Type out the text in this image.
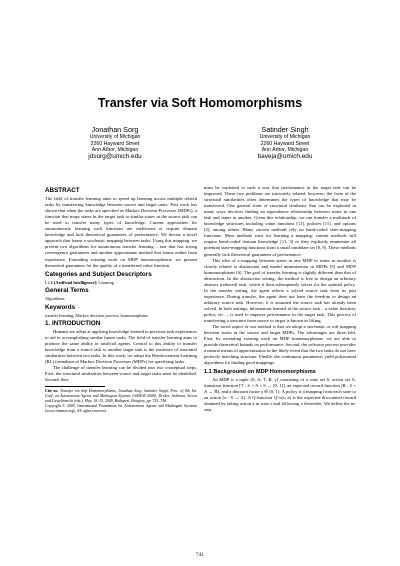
Transfer via Soft Homomorphisms
Jonathan Sorg
University of Michigan
2260 Hayward Street
Ann Arbor, Michigan
jdsorg@umich.edu
Satinder Singh
University of Michigan
2260 Hayward Street
Ann Arbor, Michigan
baveja@umich.edu
ABSTRACT

The field of transfer learning aims to speed up learning across multiple related tasks by transferring knowledge between source and target tasks. Past work has shown that when the tasks are specified as Markov Decision Processes (MDPs), a function that maps states in the target task to similar states in the source task can be used to transfer many types of knowledge. Current approaches for autonomously learning such functions are inefficient or require domain knowledge and lack theoretical guarantees of performance. We devise a novel approach that learns a stochastic mapping between tasks. Using this mapping, we present two algorithms for autonomous transfer learning – one that has strong convergence guarantees and another approximate method that learns online from experience. Extending existing work on MDP homomorphisms, we present theoretical guarantees for the quality of a transferred value function.

Categories and Subject Descriptors

I.2.6 [Artificial Intelligence]: Learning

General Terms

Algorithms

Keywords

transfer learning, Markov decision process, homomorphism

1. INTRODUCTION

Humans are adept at applying knowledge learned in previous task experiences to aid in accomplishing similar future tasks. The field of transfer learning aims to produce the same ability in artificial agents. Central to this ability to transfer knowledge from a source task to another target task is the existence of structural similarities between two tasks. In this work, we adopt the Reinforcement Learning (RL) formalism of Markov Decision Processes (MDPs) for specifying tasks.

The challenge of transfer learning can be divided into two conceptual steps. First, the structural similarities between source and target tasks must be identified. Second, they

Cite as: Transfer via Soft Homomorphisms, Jonathan Sorg, Satinder Singh, Proc. of 8th Int. Conf. on Autonomous Agents and Multiagent Systems (AAMAS 2009), Decker, Sichman, Sierra and Castelfranchi (eds.), May, 10–15, 2009, Budapest, Hungary, pp. 741–748

Copyright © 2009, International Foundation for Autonomous Agents and Multiagent Systems (www.ifaamas.org). All rights reserved.

must be exploited in such a way that performance in the target task can be improved. These two problems are intricately related, however; the form of the structural similarities often determines the types of knowledge that may be transferred. One general form of structural similarity that can be exploited in many ways involves finding an equivalence relationship between states in one task and states in another. Given this relationship, we can transfer a multitude of knowledge structures including value functions [11], policies [11], and options [2], among others. Many current methods rely on hand-coded state-mapping functions. Most methods exist for learning a mapping; current methods still require hand-coded domain knowledge [11, 3] or they explicitly enumerate all potential state-mapping functions from a small candidate set [8, 9]. These methods generally lack theoretical guarantees of performance.

This idea of a mapping between states in one MDP to states in another is closely related to abstraction and model minimization in MDPs [5] and MDP homomorphisms [6]. The goal of transfer learning is slightly different than that of abstraction. In the abstraction setting, the method is free to design an arbitrary abstract (reduced) task, which it then subsequently solves for the optimal policy. In the transfer setting, the agent selects a solved source task from its past experience. During transfer, the agent does not have the freedom to design an arbitrary source task. However, it is assumed the source task has already been solved. In both settings, information learned in the source task – a value function, policy, etc. – is used to improve performance in the target task. This process of transferring a structure from source to target is known as lifting.

The novel aspect of our method is that we adopt a stochastic or soft mapping between states in the source and target MDPs. The advantages are three-fold. First, by extending existing work on MDP homomorphisms, we are able to provide theoretical bounds on performance. Second, the software process provides a natural means of approximation in the likely event that the two tasks do not have perfectly matching structure. Finally, the continuous parameters yield polynomial algorithms for finding good mappings.

1.1 Background on MDP Homomorphisms

An MDP is a tuple ⟨S, A, T, R, γ⟩ consisting of a state set S, action set A, transition function [T : S × A × S → [0, 1]], an expected reward function [R : S × A → ℝ], and a discount factor γ ∈ [0, 1]. A policy is a mapping from each state to an action [π : S → A]. A Q-function Q^π(s, a) is the expected discounted reward obtained by taking action a in state s and following π thereafter. We define the m-step

741
